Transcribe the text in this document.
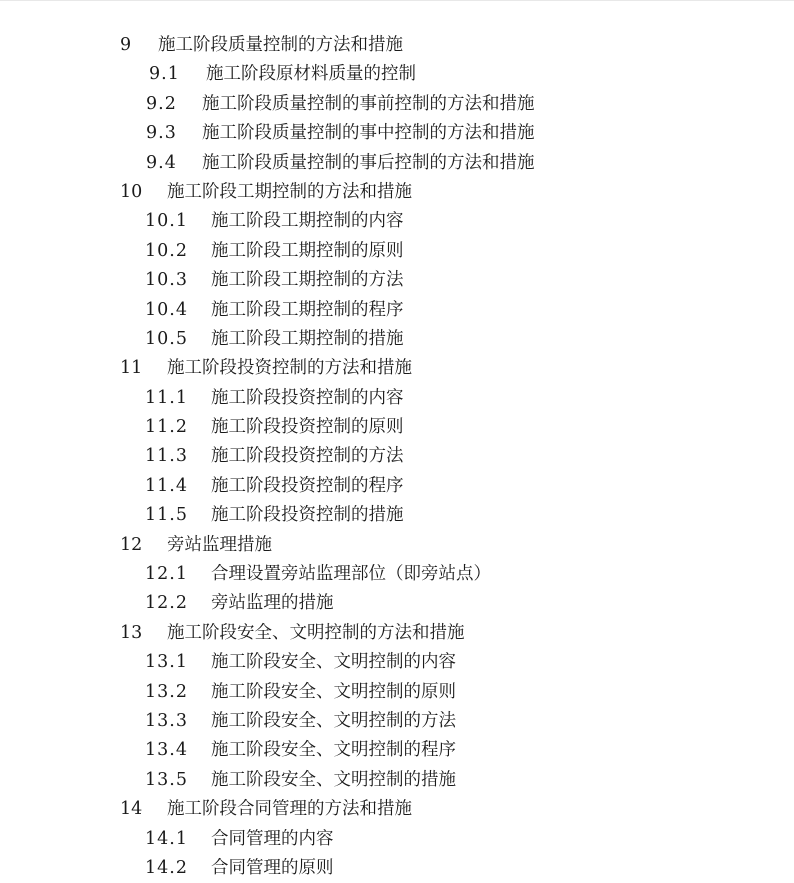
9 施工阶段质量控制的方法和措施
9.1 施工阶段原材料质量的控制
9.2 施工阶段质量控制的事前控制的方法和措施
9.3 施工阶段质量控制的事中控制的方法和措施
9.4 施工阶段质量控制的事后控制的方法和措施
10 施工阶段工期控制的方法和措施
10.1 施工阶段工期控制的内容
10.2 施工阶段工期控制的原则
10.3 施工阶段工期控制的方法
10.4 施工阶段工期控制的程序
10.5 施工阶段工期控制的措施
11 施工阶段投资控制的方法和措施
11.1 施工阶段投资控制的内容
11.2 施工阶段投资控制的原则
11.3 施工阶段投资控制的方法
11.4 施工阶段投资控制的程序
11.5 施工阶段投资控制的措施
12 旁站监理措施
12.1 合理设置旁站监理部位（即旁站点）
12.2 旁站监理的措施
13 施工阶段安全、文明控制的方法和措施
13.1 施工阶段安全、文明控制的内容
13.2 施工阶段安全、文明控制的原则
13.3 施工阶段安全、文明控制的方法
13.4 施工阶段安全、文明控制的程序
13.5 施工阶段安全、文明控制的措施
14 施工阶段合同管理的方法和措施
14.1 合同管理的内容
14.2 合同管理的原则
